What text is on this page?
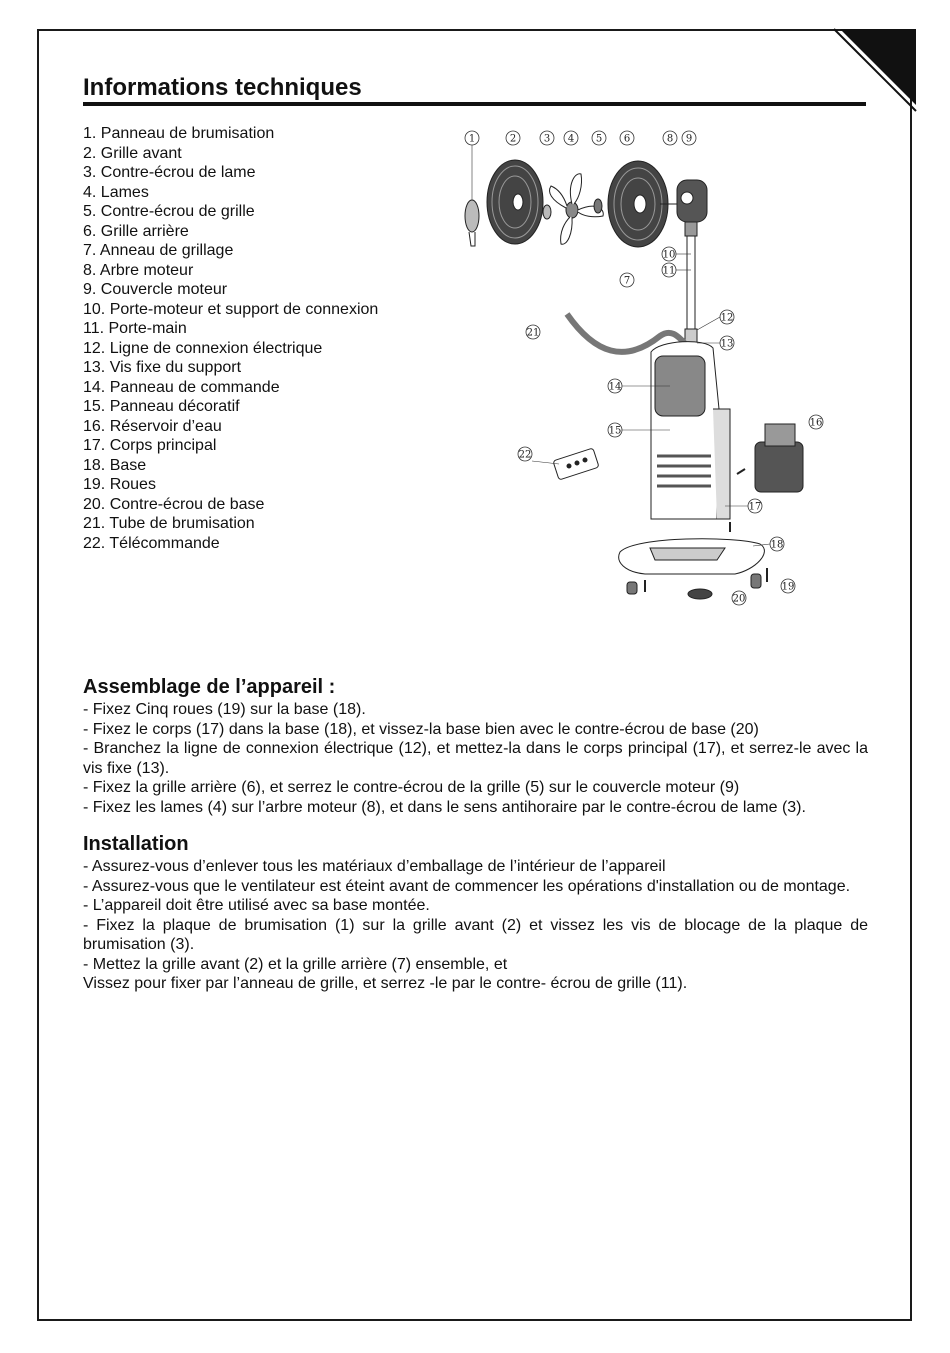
Informations techniques
1. Panneau de brumisation
2. Grille avant
3. Contre-écrou de lame
4. Lames
5. Contre-écrou de grille
6. Grille arrière
7. Anneau de grillage
8. Arbre moteur
9. Couvercle moteur
10. Porte-moteur et support de connexion
11. Porte-main
12. Ligne de connexion électrique
13. Vis fixe du support
14. Panneau de commande
15. Panneau décoratif
16. Réservoir d’eau
17. Corps principal
18. Base
19. Roues
20. Contre-écrou de base
21. Tube de brumisation
22. Télécommande
1	2	3 4 5 6
7
8 9
10
11
12
13
14
15
16
17
18
19
20
21
22
Assemblage de l’appareil :

- Fixez Cinq roues (19) sur la base (18).

- Fixez le corps (17) dans la base (18), et vissez-la base bien avec le contre-écrou de base (20)

- Branchez la ligne de connexion électrique (12), et mettez-la dans le corps principal (17), et serrez-le avec la vis fixe (13).

- Fixez la grille arrière (6), et serrez le contre-écrou de la grille (5) sur le couvercle moteur (9)

- Fixez les lames (4) sur l’arbre moteur (8), et dans le sens antihoraire par le contre-écrou de lame (3).

Installation

- Assurez-vous d’enlever tous les matériaux d’emballage de l’intérieur de l’appareil

- Assurez-vous que le ventilateur est éteint avant de commencer les opérations d'installation ou de montage.

- L’appareil doit être utilisé avec sa base montée.

- Fixez la plaque de brumisation (1) sur la grille avant (2) et vissez les vis de blocage de la plaque de brumisation (3).

- Mettez la grille avant (2) et la grille arrière (7) ensemble, et

Vissez pour fixer par l’anneau de grille, et serrez -le par le contre- écrou de grille (11).
